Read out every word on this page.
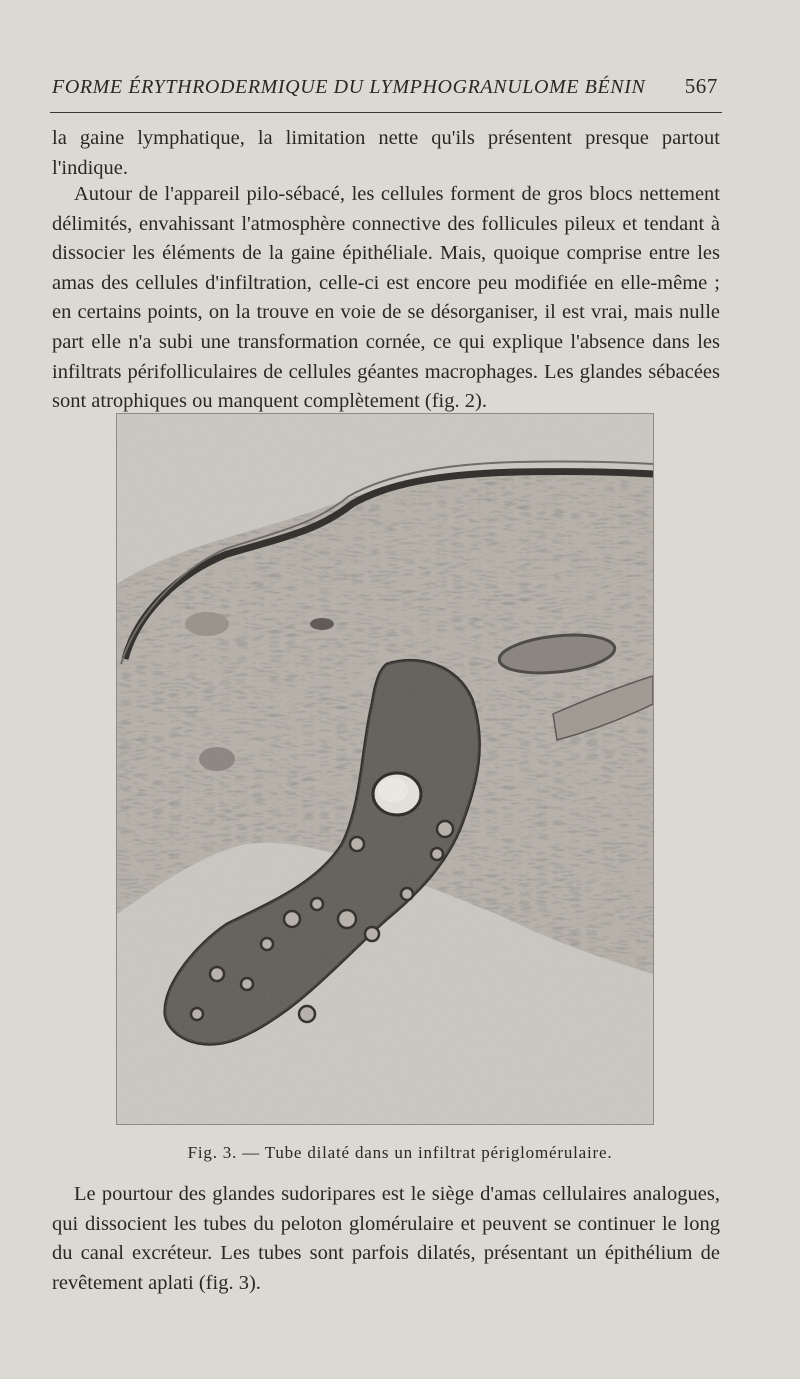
FORME ÉRYTHRODERMIQUE DU LYMPHOGRANULOME BÉNIN 567

la gaine lymphatique, la limitation nette qu'ils présentent presque partout l'indique.

Autour de l'appareil pilo-sébacé, les cellules forment de gros blocs nettement délimités, envahissant l'atmosphère connective des follicules pileux et tendant à dissocier les éléments de la gaine épithéliale. Mais, quoique comprise entre les amas des cellules d'infiltration, celle-ci est encore peu modifiée en elle-même ; en certains points, on la trouve en voie de se désorganiser, il est vrai, mais nulle part elle n'a subi une transformation cornée, ce qui explique l'absence dans les infiltrats périfolliculaires de cellules géantes macrophages. Les glandes sébacées sont atrophiques ou manquent complètement (fig. 2).

Fig. 3. — Tube dilaté dans un infiltrat périglomérulaire.

Le pourtour des glandes sudoripares est le siège d'amas cellulaires analogues, qui dissocient les tubes du peloton glomérulaire et peuvent se continuer le long du canal excréteur. Les tubes sont parfois dilatés, présentant un épithélium de revêtement aplati (fig. 3).
